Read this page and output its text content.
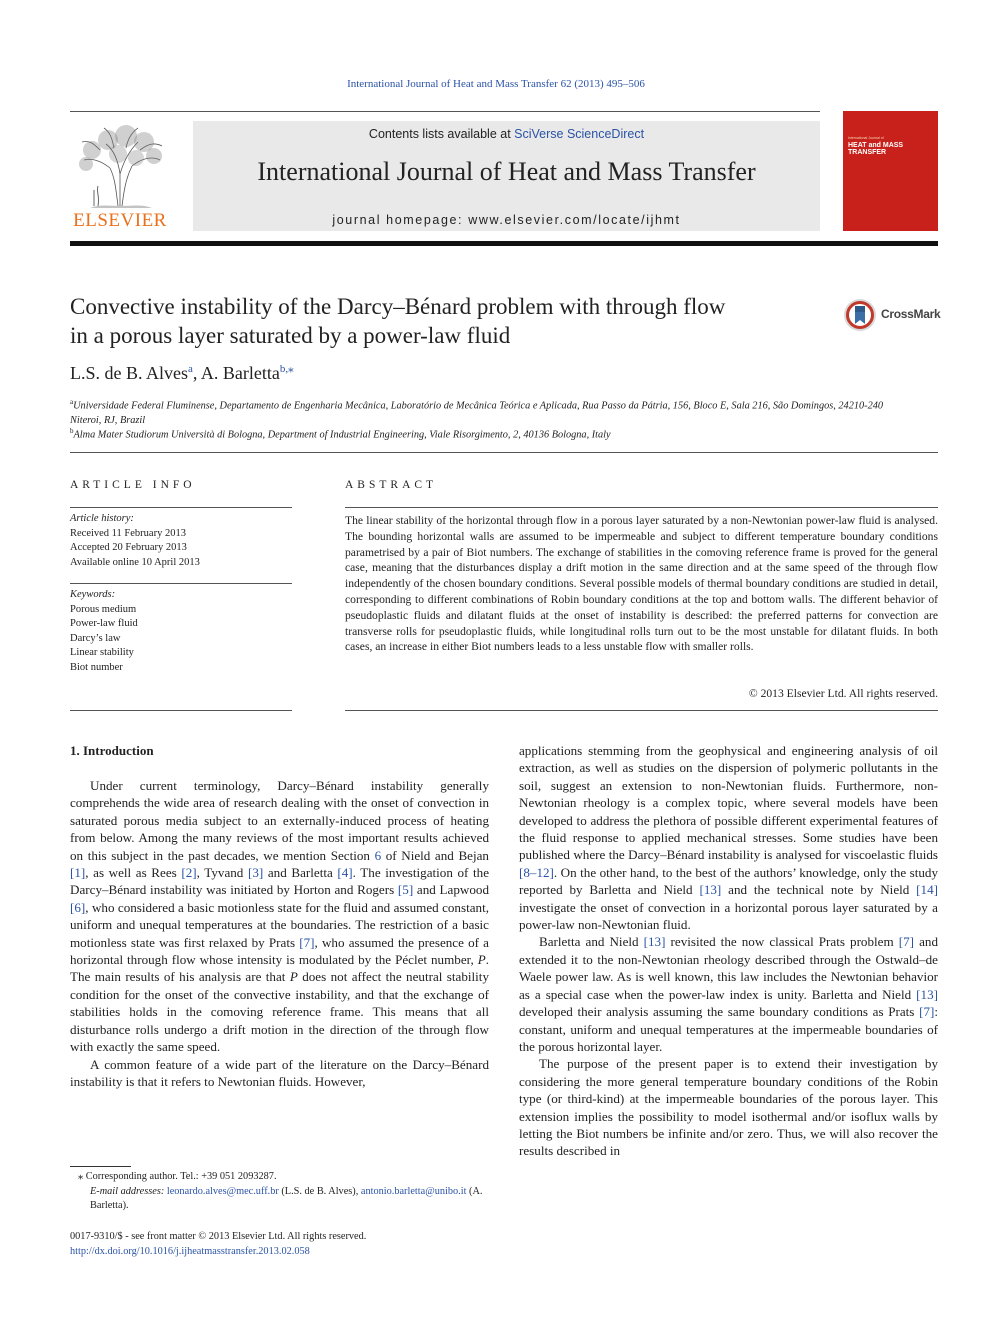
International Journal of Heat and Mass Transfer 62 (2013) 495–506
ELSEVIER
Contents lists available at SciVerse ScienceDirect
International Journal of Heat and Mass Transfer
journal homepage: www.elsevier.com/locate/ijhmt
International Journal of
HEAT and MASS TRANSFER
Convective instability of the Darcy–Bénard problem with through flow
in a porous layer saturated by a power-law fluid
CrossMark
L.S. de B. Alves$^a$, A. Barletta$^{b,⁎}$
$^a$Universidade Federal Fluminense, Departamento de Engenharia Mecânica, Laboratório de Mecânica Teórica e Aplicada, Rua Passo da Pátria, 156, Bloco E, Sala 216, São Domingos, 24210-240 Niteroi, RJ, Brazil
$^b$Alma Mater Studiorum Università di Bologna, Department of Industrial Engineering, Viale Risorgimento, 2, 40136 Bologna, Italy
ARTICLE INFO	ABSTRACT
Article history:
Received 11 February 2013
Accepted 20 February 2013
Available online 10 April 2013
Keywords:
Porous medium
Power-law fluid
Darcy’s law
Linear stability
Biot number
The linear stability of the horizontal through flow in a porous layer saturated by a non-Newtonian power-law fluid is analysed. The bounding horizontal walls are assumed to be impermeable and subject to different temperature boundary conditions parametrised by a pair of Biot numbers. The exchange of stabilities in the comoving reference frame is proved for the general case, meaning that the disturbances display a drift motion in the same direction and at the same speed of the through flow independently of the chosen boundary conditions. Several possible models of thermal boundary conditions are studied in detail, corresponding to different combinations of Robin boundary conditions at the top and bottom walls. The different behavior of pseudoplastic fluids and dilatant fluids at the onset of instability is described: the preferred patterns for convection are transverse rolls for pseudoplastic fluids, while longitudinal rolls turn out to be the most unstable for dilatant fluids. In both cases, an increase in either Biot numbers leads to a less unstable flow with smaller rolls.
© 2013 Elsevier Ltd. All rights reserved.
1. Introduction

Under current terminology, Darcy–Bénard instability generally comprehends the wide area of research dealing with the onset of convection in saturated porous media subject to an externally-induced process of heating from below. Among the many reviews of the most important results achieved on this subject in the past decades, we mention Section 6 of Nield and Bejan [1], as well as Rees [2], Tyvand [3] and Barletta [4]. The investigation of the Darcy–Bénard instability was initiated by Horton and Rogers [5] and Lapwood [6], who considered a basic motionless state for the fluid and assumed constant, uniform and unequal temperatures at the boundaries. The restriction of a basic motionless state was first relaxed by Prats [7], who assumed the presence of a horizontal through flow whose intensity is modulated by the Péclet number, P. The main results of his analysis are that P does not affect the neutral stability condition for the onset of the convective instability, and that the exchange of stabilities holds in the comoving reference frame. This means that all disturbance rolls undergo a drift motion in the direction of the through flow with exactly the same speed.

A common feature of a wide part of the literature on the Darcy–Bénard instability is that it refers to Newtonian fluids. However,

applications stemming from the geophysical and engineering analysis of oil extraction, as well as studies on the dispersion of polymeric pollutants in the soil, suggest an extension to non-Newtonian fluids. Furthermore, non-Newtonian rheology is a complex topic, where several models have been developed to address the plethora of possible different experimental features of the fluid response to applied mechanical stresses. Some studies have been published where the Darcy–Bénard instability is analysed for viscoelastic fluids [8–12]. On the other hand, to the best of the authors’ knowledge, only the study reported by Barletta and Nield [13] and the technical note by Nield [14] investigate the onset of convection in a horizontal porous layer saturated by a power-law non-Newtonian fluid.

Barletta and Nield [13] revisited the now classical Prats problem [7] and extended it to the non-Newtonian rheology described through the Ostwald–de Waele power law. As is well known, this law includes the Newtonian behavior as a special case when the power-law index is unity. Barletta and Nield [13] developed their analysis assuming the same boundary conditions as Prats [7]: constant, uniform and unequal temperatures at the impermeable boundaries of the porous horizontal layer.

The purpose of the present paper is to extend their investigation by considering the more general temperature boundary conditions of the Robin type (or third-kind) at the impermeable boundaries of the porous layer. This extension implies the possibility to model isothermal and/or isoflux walls by letting the Biot numbers be infinite and/or zero. Thus, we will also recover the results described in

⁎ Corresponding author. Tel.: +39 051 2093287.
E-mail addresses: leonardo.alves@mec.uff.br (L.S. de B. Alves), antonio.barletta@unibo.it (A. Barletta).
0017-9310/$ - see front matter © 2013 Elsevier Ltd. All rights reserved.
http://dx.doi.org/10.1016/j.ijheatmasstransfer.2013.02.058
